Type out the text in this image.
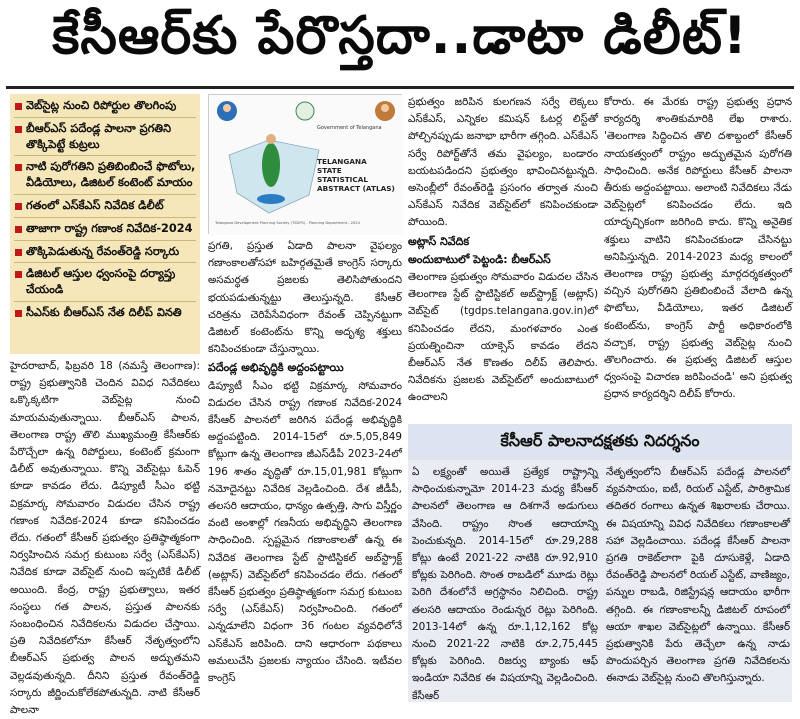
కేసీఆర్‌కు పేరొస్తదా..డాటా డిలీట్‌!
వెబ్‌సైట్ల నుంచి రిపోర్టుల తొలగింపు
బీఆర్‌ఎస్‌ పదేండ్ల పాలనా ప్రగతిని తొక్కిపెట్టే కుట్రలు
నాటి పురోగతిని ప్రతిబింబించే ఫొటోలు, వీడియోలు, డిజిటల్‌ కంటెంట్‌ మాయం
గతంలో ఎస్‌కేఎస్‌ నివేదిక డిలీట్‌
తాజాగా రాష్ట్ర గణాంక నివేదిక-2024
తొక్కిపెడుతున్న రేవంత్‌రెడ్డి సర్కారు
డిజిటల్‌ ఆస్తుల ధ్వంసంపై దర్యాప్తు చేయండి
సీఎస్‌కు బీఆర్‌ఎస్‌ నేత దిలీప్‌ వినతి
TELANGANA
STATE
STATISTICAL
ABSTRACT (ATLAS)
Government of Telangana
Telangana Development Planning Society (TSDPS) - Planning Department - 2024

హైదరాబాద్‌, ఫిబ్రవరి 18 (నమస్తే తెలంగాణ): రాష్ట్ర ప్రభుత్వానికి చెందిన వివిధ నివేదికలు ఒక్కొక్కటిగా వెబ్‌సైట్ల నుంచి మాయమవుతున్నాయి. బీఆర్‌ఎస్‌ పాలన, తెలంగాణ రాష్ట్ర తొలి ముఖ్యమంత్రి కేసీఆర్‌కు పేరొచ్చేలా ఉన్న రిపోర్టులు, కంటెంట్‌ క్రమంగా డిలీట్‌ అవుతున్నాయి. కొన్ని వెబ్‌సైట్లు ఓపెన్‌ కూడా కావడం లేదు. డిప్యూటీ సీఎం భట్టి విక్రమార్క సోమవారం విడుదల చేసిన రాష్ట్ర గణాంక నివేదిక-2024 కూడా కనిపించడం లేదు. గతంలో కేసీఆర్‌ ప్రభుత్వం ప్రతిష్ఠాత్మకంగా నిర్వహించిన సమగ్ర కుటుంబ సర్వే (ఎస్‌కేఎస్‌) నివేదిక కూడా వెబ్‌సైట్‌ నుంచి ఇప్పటికే డిలీట్‌ అయింది. కేంద్ర, రాష్ట్ర ప్రభుత్వాలు, ఇతర సంస్థలు గత పాలన, ప్రస్తుత పాలనకు సంబంధించిన నివేదికలను విడుదల చేస్తాయి. ప్రతి నివేదికలోనూ కేసీఆర్‌ నేతృత్వంలోని బీఆర్‌ఎస్‌ ప్రభుత్వ పాలన అద్భుతమని వెల్లడవుతున్నది. దీనిని ప్రస్తుత రేవంత్‌రెడ్డి సర్కారు జీర్ణించుకోలేకపోతున్నది. నాటి కేసీఆర్‌ పాలనా

ప్రగతి, ప్రస్తుత ఏడాది పాలనా వైఫల్యం గణాంకాలతోసహా బహిర్గతమైతే కాంగ్రెస్‌ సర్కారు అసమర్థత ప్రజలకు తెలిసిపోతుందని భయపడుతున్నట్టు తెలుస్తున్నది. కేసీఆర్‌ చరిత్రను చెరిపేసేవిధంగా రేవంత్‌ చెప్పినట్టుగా డిజిటల్‌ కంటెంట్‌ను కొన్ని అదృశ్య శక్తులు కనిపించకుండా చేస్తున్నాయి.

పదేండ్ల అభివృద్ధికి అద్దంపట్టాయి

డిప్యూటీ సీఎం భట్టి విక్రమార్క సోమవారం విడుదల చేసిన రాష్ట్ర గణాంక నివేదిక-2024 కేసీఆర్‌ పాలనలో జరిగిన పదేండ్ల అభివృద్ధికి అద్దంపట్టింది. 2014-15లో రూ.5,05,849 కోట్లుగా ఉన్న తెలంగాణ జీఎస్‌డీపీ 2023-24లో 196 శాతం వృద్ధితో రూ.15,01,981 కోట్లుగా నమోదైనట్టు నివేదిక వెల్లడించింది. దేశ జీడీపీ, తలసరి ఆదాయం, ధాన్యం ఉత్పత్తి, సాగు విస్తీర్ణం వంటి అంశాల్లో గణనీయ అభివృద్ధిని తెలంగాణ సాధించింది. స్పష్టమైన గణాంకాలతో ఉన్న ఈ నివేదిక తెలంగాణ స్టేట్‌ స్టాటిస్టికల్‌ అబ్‌స్ట్రాక్ట్‌ (అట్లాస్‌) వెబ్‌సైట్‌లో కనిపించడం లేదు. గతంలో కేసీఆర్‌ ప్రభుత్వం ప్రతిష్ఠాత్మకంగా సమగ్ర కుటుంబ సర్వే (ఎస్‌కేఎస్‌) నిర్వహించింది. గతంలో ఎన్నడూలేని విధంగా 36 గంటల వ్యవధిలోనే ఎస్‌కేఎస్‌ జరిపింది. దాని ఆధారంగా పథకాలు అమలుచేసి ప్రజలకు న్యాయం చేసింది. ఇటీవల కాంగ్రెస్‌

ప్రభుత్వం జరిపిన కులగణన సర్వే లెక్కలు ఎస్‌కేఎస్‌, ఎన్నికల కమిషన్‌ ఓటర్ల లిస్ట్‌తో పోల్చినప్పుడు జనాభా భారీగా తగ్గింది. ఎస్‌కేఎస్‌ సర్వే రిపోర్ట్‌తోనే తమ వైఫల్యం, బండారం బయటపడిందని ప్రభుత్వం భావించినట్టున్నది. అసెంబ్లీలో రేవంత్‌రెడ్డి ప్రసంగం తర్వాత నుంచి ఎస్‌కేఎస్‌ నివేదిక వెబ్‌సైట్‌లో కనిపించకుండా పోయింది.

అట్లాస్‌ నివేదిక

అందుబాటులో పెట్టండి: బీఆర్‌ఎస్‌

తెలంగాణ ప్రభుత్వం సోమవారం విడుదల చేసిన తెలంగాణ స్టేట్‌ స్టాటిస్టికల్‌ అబ్‌స్ట్రాక్ట్‌ (అట్లాస్‌) వెబ్‌సైట్‌ (tgdps.telangana.gov.in)లో కనిపించడం లేదని, మంగళవారం ఎంత ప్రయత్నించినా యాక్సెస్‌ కావడం లేదని బీఆర్‌ఎస్‌ నేత కొణతం దిలీప్‌ తెలిపారు. నివేదికను ప్రజలకు వెబ్‌సైట్‌లో అందుబాటులో ఉంచాలని

కోరారు. ఈ మేరకు రాష్ట్ర ప్రభుత్వ ప్రధాన కార్యదర్శి శాంతికుమారికి లేఖ రాశారు. 'తెలంగాణ సిద్ధించిన తొలి దశాబ్దంలో కేసీఆర్‌ నాయకత్వంలో రాష్ట్రం అద్భుతమైన పురోగతి సాధించింది. అనేక రిపోర్టులు కేసీఆర్‌ పాలనా తీరుకు అద్దంపట్టాయి. అలాంటి నివేదికలు నేడు వెబ్‌సైట్లలో కనిపించడం లేదు. ఇది యాదృచ్ఛికంగా జరిగింది కాదు. కొన్ని అనైతిక శక్తులు వాటిని కనిపించకుండా చేసినట్టు అనిపిస్తున్నది. 2014-2023 మధ్య కాలంలో తెలంగాణ రాష్ట్ర ప్రభుత్వ మార్గదర్శకత్వంలో వచ్చిన పురోగతిని ప్రతిబింబించే వేలాది ఉన్న ఫొటోలు, వీడియోలు, ఇతర డిజిటల్‌ కంటెంట్‌ను, కాంగ్రెస్‌ పార్టీ అధికారంలోకి వచ్చాక, రాష్ట్ర ప్రభుత్వ వెబ్‌సైట్ల నుంచి తొలగించారు. ఈ ప్రభుత్వ డిజిటల్‌ ఆస్తుల ధ్వంసంపై విచారణ జరిపించండి' అని ప్రభుత్వ ప్రధాన కార్యదర్శిని దిలీప్‌ కోరారు.

కేసీఆర్‌ పాలనాదక్షతకు నిదర్శనం

ఏ లక్ష్యంతో అయితే ప్రత్యేక రాష్ట్రాన్ని సాధించుకున్నామో 2014-23 మధ్య కేసీఆర్‌ పాలనలో తెలంగాణ ఆ దిశగానే అడుగులు వేసింది. రాష్ట్రం సొంత ఆదాయాన్ని పెంచుకున్నది. 2014-15లో రూ.29,288 కోట్లు ఉంటే 2021-22 నాటికి రూ.92,910 కోట్లకు పెరిగింది. సొంత రాబడిలో మూడు రెట్లు పెరిగి దేశంలోనే అగ్రస్థానం నిలిచింది. రాష్ట్ర తలసరి ఆదాయం రెండున్నర రెట్లు పెరిగింది. 2013-14లో ఉన్న రూ.1,12,162 కోట్ల నుంచి 2021-22 నాటికి రూ.2,75,445 కోట్లకు పెరిగింది. రిజర్వు బ్యాంకు ఆఫ్‌ ఇండియా నివేదిక ఈ విషయాన్ని వెల్లడించింది. కేసీఆర్‌

నేతృత్వంలోని బీఆర్‌ఎస్‌ పదేండ్ల పాలనలో వ్యవసాయం, ఐటీ, రియల్‌ ఎస్టేట్‌, పారిశ్రామిక తదితర రంగాలు ఉన్నత శిఖరాలకు చేరాయి. ఈ విషయాన్ని వివిధ నివేదికలు గణాంకాలతో సహా వెల్లడించాయి. పదేండ్ల కేసీఆర్‌ పాలనా ప్రగతి రాకెట్‌లాగా పైకి దూసుకెళ్లే, ఏడాది రేవంత్‌రెడ్డి పాలనలో రియల్‌ ఎస్టేట్‌, వాణిజ్యం, పన్నుల రాబడి, రిజిస్ట్రేషన్ల ఆదాయం భారీగా తగ్గింది. ఈ గణాంకాలన్నీ డిజిటల్‌ రూపంలో ఆయా శాఖల వెబ్‌సైట్లలో ఉన్నాయి. కేసీఆర్‌ ప్రభుత్వానికి పేరు తెచ్చేలా ఉన్న నాడు పొందుపర్చిన తెలంగాణ ప్రగతి నివేదికలను ఈనాడు వెబ్‌సైట్ల నుంచి తొలగిస్తున్నారు.
